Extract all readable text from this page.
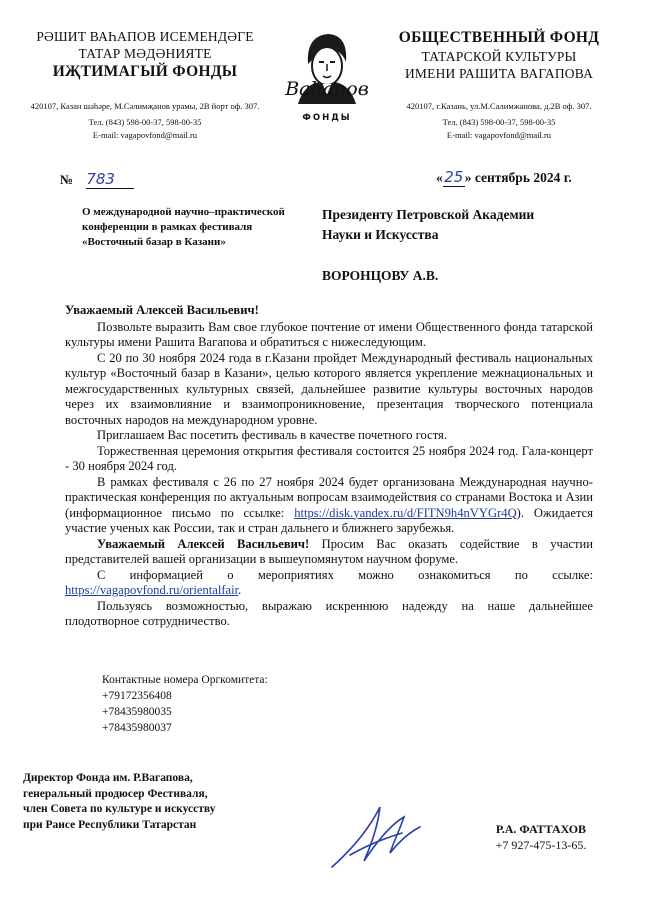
РӘШИТ ВАҺАПОВ ИСЕМЕНДӘГЕ
ТАТАР МӘДӘНИЯТЕ
ИҖТИМАГЫЙ ФОНДЫ
420107, Казан шәһәре, М.Сәлимҗанов урамы, 2В йорт оф. 307.
Тел. (843) 598-00-37, 598-00-35
E-mail: vagapovfond@mail.ru
Вahanов
ФОНДЫ
ОБЩЕСТВЕННЫЙ ФОНД
ТАТАРСКОЙ КУЛЬТУРЫ
ИМЕНИ РАШИТА ВАГАПОВА
420107, г.Казань, ул.М.Салимжанова, д.2В оф. 307.
Тел. (843) 598-00-37, 598-00-35
E-mail: vagapovfond@mail.ru
№ 783	«25» сентябрь 2024 г.
О международной научно–практической конференции в рамках фестиваля «Восточный базар в Казани»
Президенту Петровской Академии
Науки и Искусства
ВОРОНЦОВУ А.В.

Уважаемый Алексей Васильевич!

Позвольте выразить Вам свое глубокое почтение от имени Общественного фонда татарской культуры имени Рашита Вагапова и обратиться с нижеследующим.

С 20 по 30 ноября 2024 года в г.Казани пройдет Международный фестиваль национальных культур «Восточный базар в Казани», целью которого является укрепление межнациональных и межгосударственных культурных связей, дальнейшее развитие культуры восточных народов через их взаимовлияние и взаимопроникновение, презентация творческого потенциала восточных народов на международном уровне.

Приглашаем Вас посетить фестиваль в качестве почетного гостя.

Торжественная церемония открытия фестиваля состоится 25 ноября 2024 год. Гала-концерт - 30 ноября 2024 год.

В рамках фестиваля с 26 по 27 ноября 2024 будет организована Международная научно-практическая конференция по актуальным вопросам взаимодействия со странами Востока и Азии (информационное письмо по ссылке: https://disk.yandex.ru/d/FITN9h4nVYGr4Q). Ожидается участие ученых как России, так и стран дальнего и ближнего зарубежья.

Уважаемый Алексей Васильевич! Просим Вас оказать содействие в участии представителей вашей организации в вышеупомянутом научном форуме.

С информацией о мероприятиях можно ознакомиться по ссылке: https://vagapovfond.ru/orientalfair.

Пользуясь возможностью, выражаю искреннюю надежду на наше дальнейшее плодотворное сотрудничество.

Контактные номера Оргкомитета:
+79172356408
+78435980035
+78435980037
Директор Фонда им. Р.Вагапова,
генеральный продюсер Фестиваля,
член Совета по культуре и искусству
при Раисе Республики Татарстан	Р.А. ФАТТАХОВ
+7 927-475-13-65.
